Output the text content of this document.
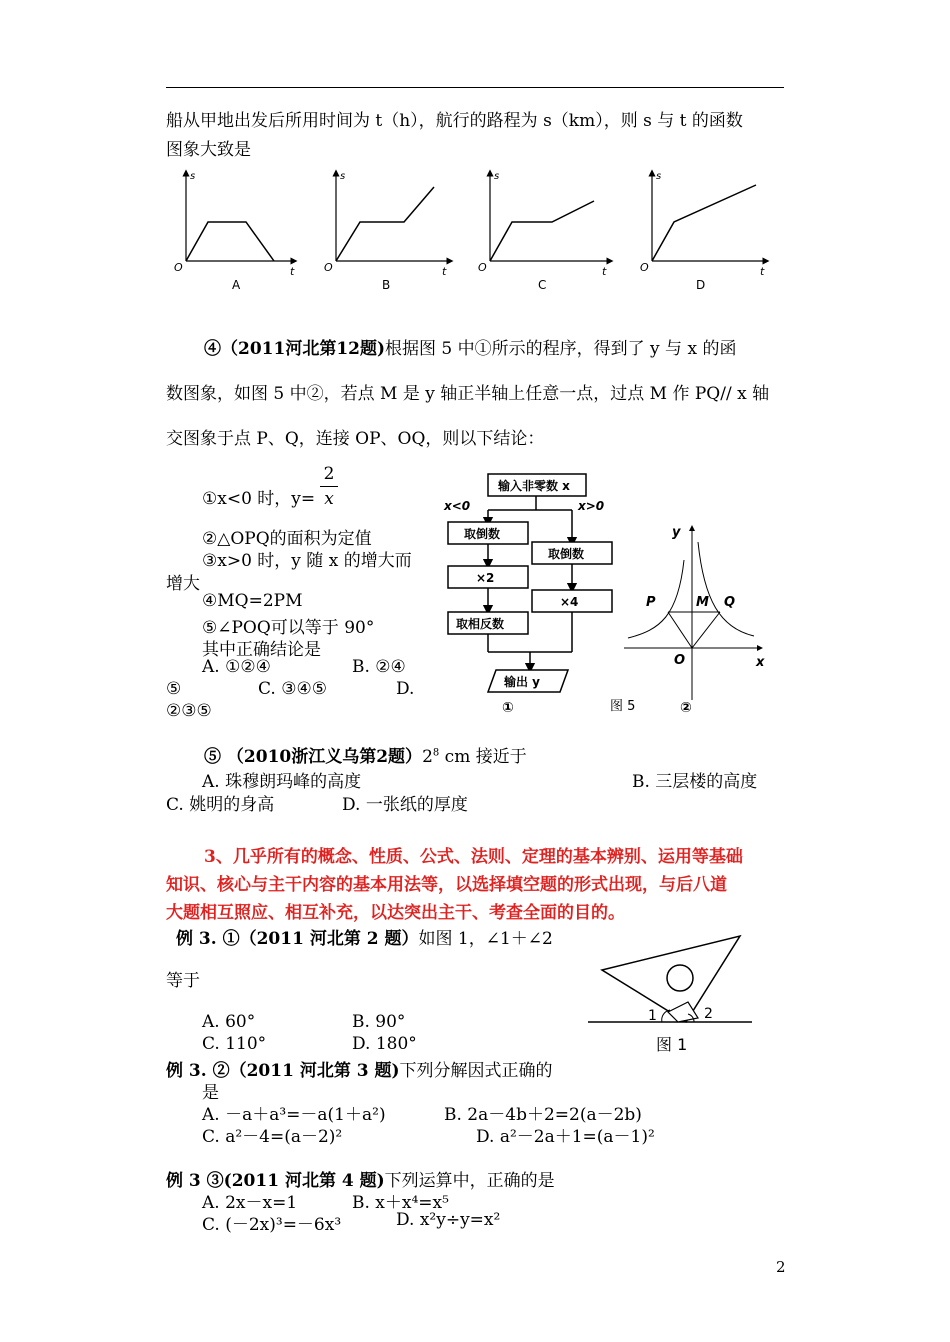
船从甲地出发后所用时间为 t（h），航行的路程为 s（km），则 s 与 t 的函数
图象大致是
s
O	t
A
s
O	t
B
s
O	t
C
s
O	t
D
④（2011河北第12题)根据图 5 中①所示的程序，得到了 y 与 x 的函
数图象，如图 5 中②，若点 M 是 y 轴正半轴上任意一点，过点 M 作 PQ// x 轴
交图象于点 P、Q，连接 OP、OQ，则以下结论：
①x<0 时，y=
2
x
②△OPQ的面积为定值
③x>0 时，y 随 x 的增大而
增大
④MQ=2PM
⑤∠POQ可以等于 90°
其中正确结论是
A. ①②④	B. ②④
⑤	C. ③④⑤	D.
②③⑤
输入非零数 x
x<0	x>0
取倒数
×2
取相反数
取倒数
×4
输出 y
①
y
x
O
P	M Q
图 5	②
⑤ （2010浙江义乌第2题）$2^8$ cm 接近于
A. 珠穆朗玛峰的高度	B. 三层楼的高度
C. 姚明的身高	D. 一张纸的厚度
3、几乎所有的概念、性质、公式、法则、定理的基本辨别、运用等基础
知识、核心与主干内容的基本用法等，以选择填空题的形式出现，与后八道
大题相互照应、相互补充，以达突出主干、考查全面的目的。
例 3. ①（2011 河北第 2 题）如图 1，∠1＋∠2
等于
A. 60°	B. 90°
C. 110°	D. 180°
1	2
图 1
例 3. ②（2011 河北第 3 题)下列分解因式正确的
是
A. －a＋a³=－a(1＋a²)	B. 2a－4b＋2=2(a－2b)
C. a²－4=(a－2)²	D. a²－2a＋1=(a－1)²
例 3 ③(2011 河北第 4 题)下列运算中，正确的是
A. 2x－x=1	B. x＋x⁴=x⁵
C. (－2x)³=－6x³	D. x²y÷y=x²
2
